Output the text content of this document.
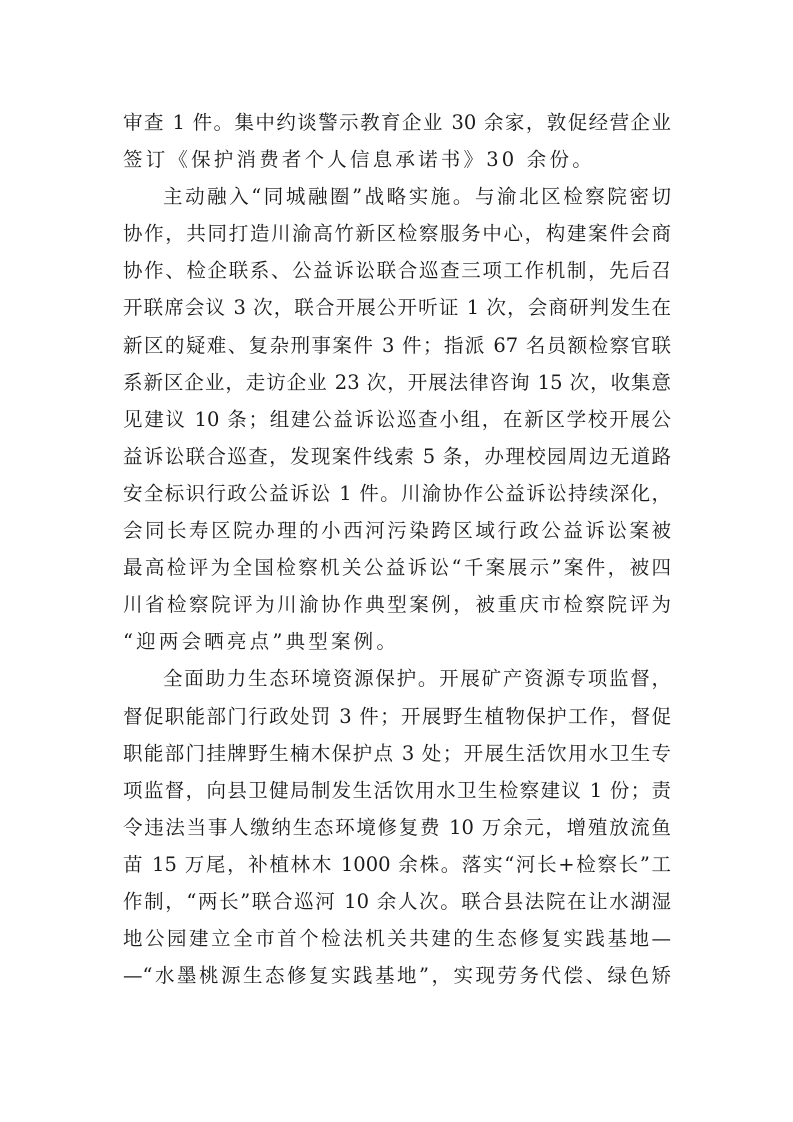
审查 1 件。集中约谈警示教育企业 30 余家，敦促经营企业
签订《保护消费者个人信息承诺书》30 余份。
主动融入“同城融圈”战略实施。与渝北区检察院密切
协作，共同打造川渝高竹新区检察服务中心，构建案件会商
协作、检企联系、公益诉讼联合巡查三项工作机制，先后召
开联席会议 3 次，联合开展公开听证 1 次，会商研判发生在
新区的疑难、复杂刑事案件 3 件；指派 67 名员额检察官联
系新区企业，走访企业 23 次，开展法律咨询 15 次，收集意
见建议 10 条；组建公益诉讼巡查小组，在新区学校开展公
益诉讼联合巡查，发现案件线索 5 条，办理校园周边无道路
安全标识行政公益诉讼 1 件。川渝协作公益诉讼持续深化，
会同长寿区院办理的小西河污染跨区域行政公益诉讼案被
最高检评为全国检察机关公益诉讼“千案展示”案件，被四
川省检察院评为川渝协作典型案例，被重庆市检察院评为
“迎两会晒亮点”典型案例。
全面助力生态环境资源保护。开展矿产资源专项监督，
督促职能部门行政处罚 3 件；开展野生植物保护工作，督促
职能部门挂牌野生楠木保护点 3 处；开展生活饮用水卫生专
项监督，向县卫健局制发生活饮用水卫生检察建议 1 份；责
令违法当事人缴纳生态环境修复费 10 万余元，增殖放流鱼
苗 15 万尾，补植林木 1000 余株。落实“河长+检察长”工
作制，“两长”联合巡河 10 余人次。联合县法院在让水湖湿
地公园建立全市首个检法机关共建的生态修复实践基地—
—“水墨桃源生态修复实践基地”，实现劳务代偿、绿色矫
